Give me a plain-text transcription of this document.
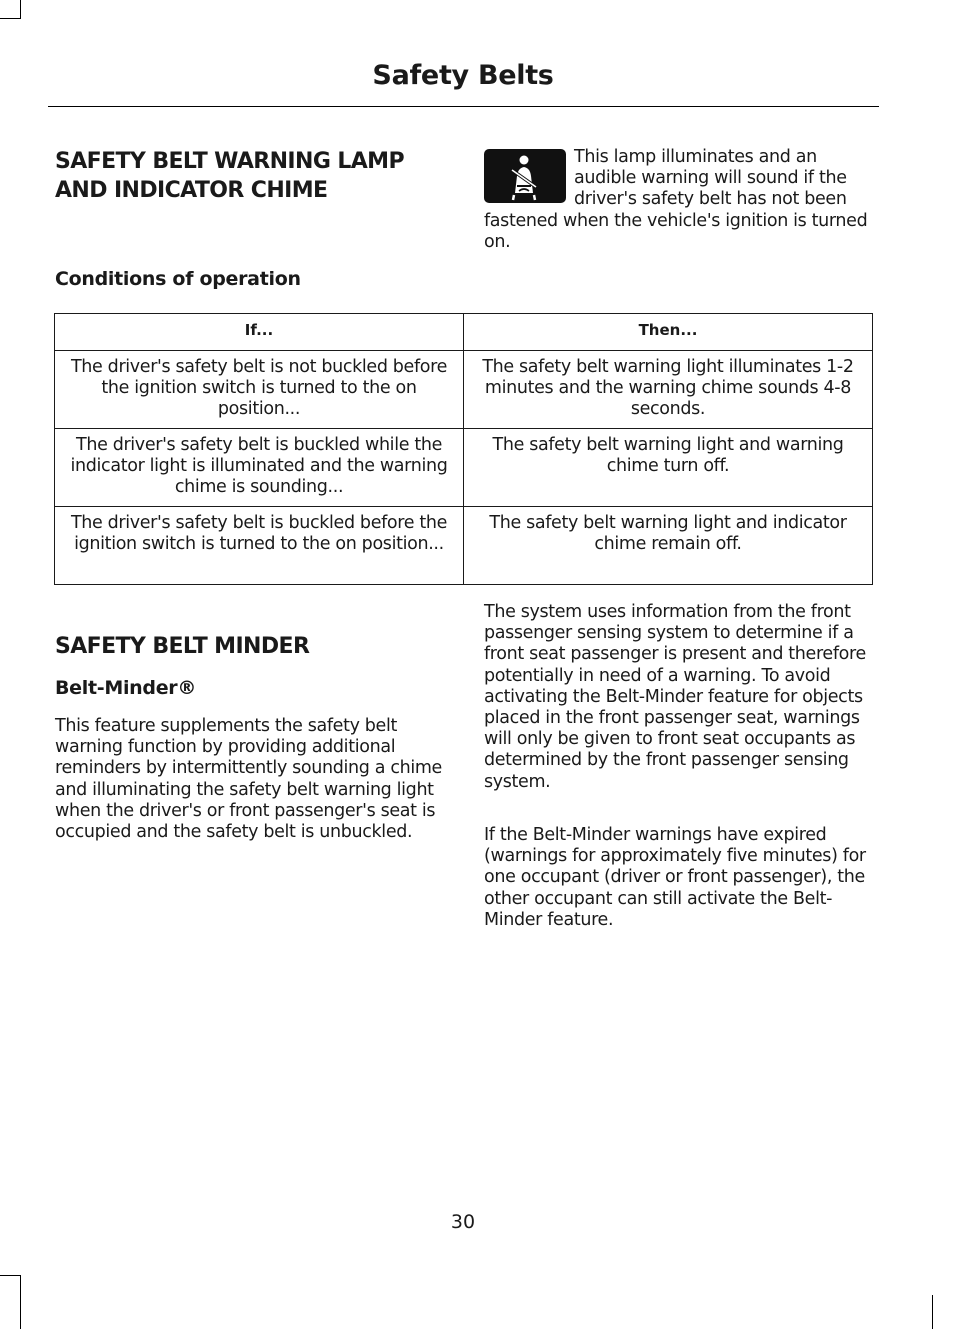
Safety Belts
SAFETY BELT WARNING LAMP AND INDICATOR CHIME

This lamp illuminates and an audible warning will sound if the driver's safety belt has not been fastened when the vehicle's ignition is turned on.

Conditions of operation
If...	Then...
The driver's safety belt is not buckled before the ignition switch is turned to the on position...	The safety belt warning light illuminates 1-2 minutes and the warning chime sounds 4-8 seconds.
The driver's safety belt is buckled while the indicator light is illuminated and the warning chime is sounding...	The safety belt warning light and warning chime turn off.
The driver's safety belt is buckled before the ignition switch is turned to the on position...	The safety belt warning light and indicator chime remain off.
SAFETY BELT MINDER
Belt-Minder®

This feature supplements the safety belt warning function by providing additional reminders by intermittently sounding a chime and illuminating the safety belt warning light when the driver's or front passenger's seat is occupied and the safety belt is unbuckled.

The system uses information from the front passenger sensing system to determine if a front seat passenger is present and therefore potentially in need of a warning. To avoid activating the Belt-Minder feature for objects placed in the front passenger seat, warnings will only be given to front seat occupants as determined by the front passenger sensing system.

If the Belt-Minder warnings have expired (warnings for approximately five minutes) for one occupant (driver or front passenger), the other occupant can still activate the Belt-Minder feature.

30
